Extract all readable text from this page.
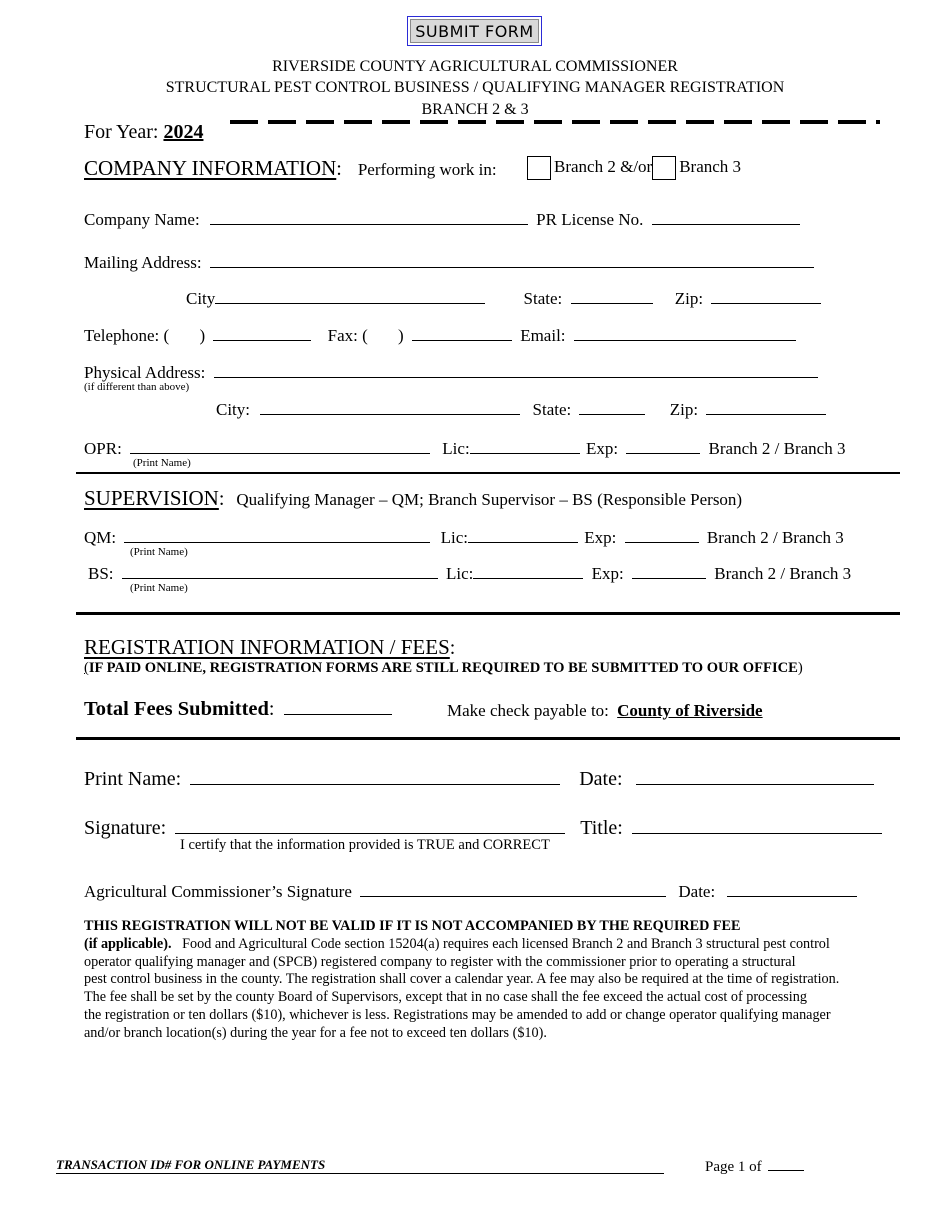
SUBMIT FORM
RIVERSIDE COUNTY AGRICULTURAL COMMISSIONER
STRUCTURAL PEST CONTROL BUSINESS / QUALIFYING MANAGER REGISTRATION
BRANCH 2 & 3
For Year: 2024
COMPANY INFORMATION: Performing work in:	Branch 2 &/or Branch 3
Company Name:	PR License No.
Mailing Address:
City	State:	Zip:
Telephone: ( )	Fax: ( )	Email:
Physical Address:
(if different than above)
City:	State:	Zip:
OPR:	Lic:	Exp:	Branch 2 / Branch 3
(Print Name)
SUPERVISION: Qualifying Manager – QM; Branch Supervisor – BS (Responsible Person)
QM:	Lic:	Exp:	Branch 2 / Branch 3
(Print Name)
BS:	Lic:	Exp:	Branch 2 / Branch 3
(Print Name)
REGISTRATION INFORMATION / FEES:
(IF PAID ONLINE, REGISTRATION FORMS ARE STILL REQUIRED TO BE SUBMITTED TO OUR OFFICE)
Total Fees Submitted:	Make check payable to: County of Riverside
Print Name:	Date:
Signature:	Title:
I certify that the information provided is TRUE and CORRECT
Agricultural Commissioner’s Signature	Date:
THIS REGISTRATION WILL NOT BE VALID IF IT IS NOT ACCOMPANIED BY THE REQUIRED FEE
(if applicable). Food and Agricultural Code section 15204(a) requires each licensed Branch 2 and Branch 3 structural pest control
operator qualifying manager and (SPCB) registered company to register with the commissioner prior to operating a structural
pest control business in the county. The registration shall cover a calendar year. A fee may also be required at the time of registration.
The fee shall be set by the county Board of Supervisors, except that in no case shall the fee exceed the actual cost of processing
the registration or ten dollars ($10), whichever is less. Registrations may be amended to add or change operator qualifying manager
and/or branch location(s) during the year for a fee not to exceed ten dollars ($10).
TRANSACTION ID# FOR ONLINE PAYMENTS	Page 1 of
